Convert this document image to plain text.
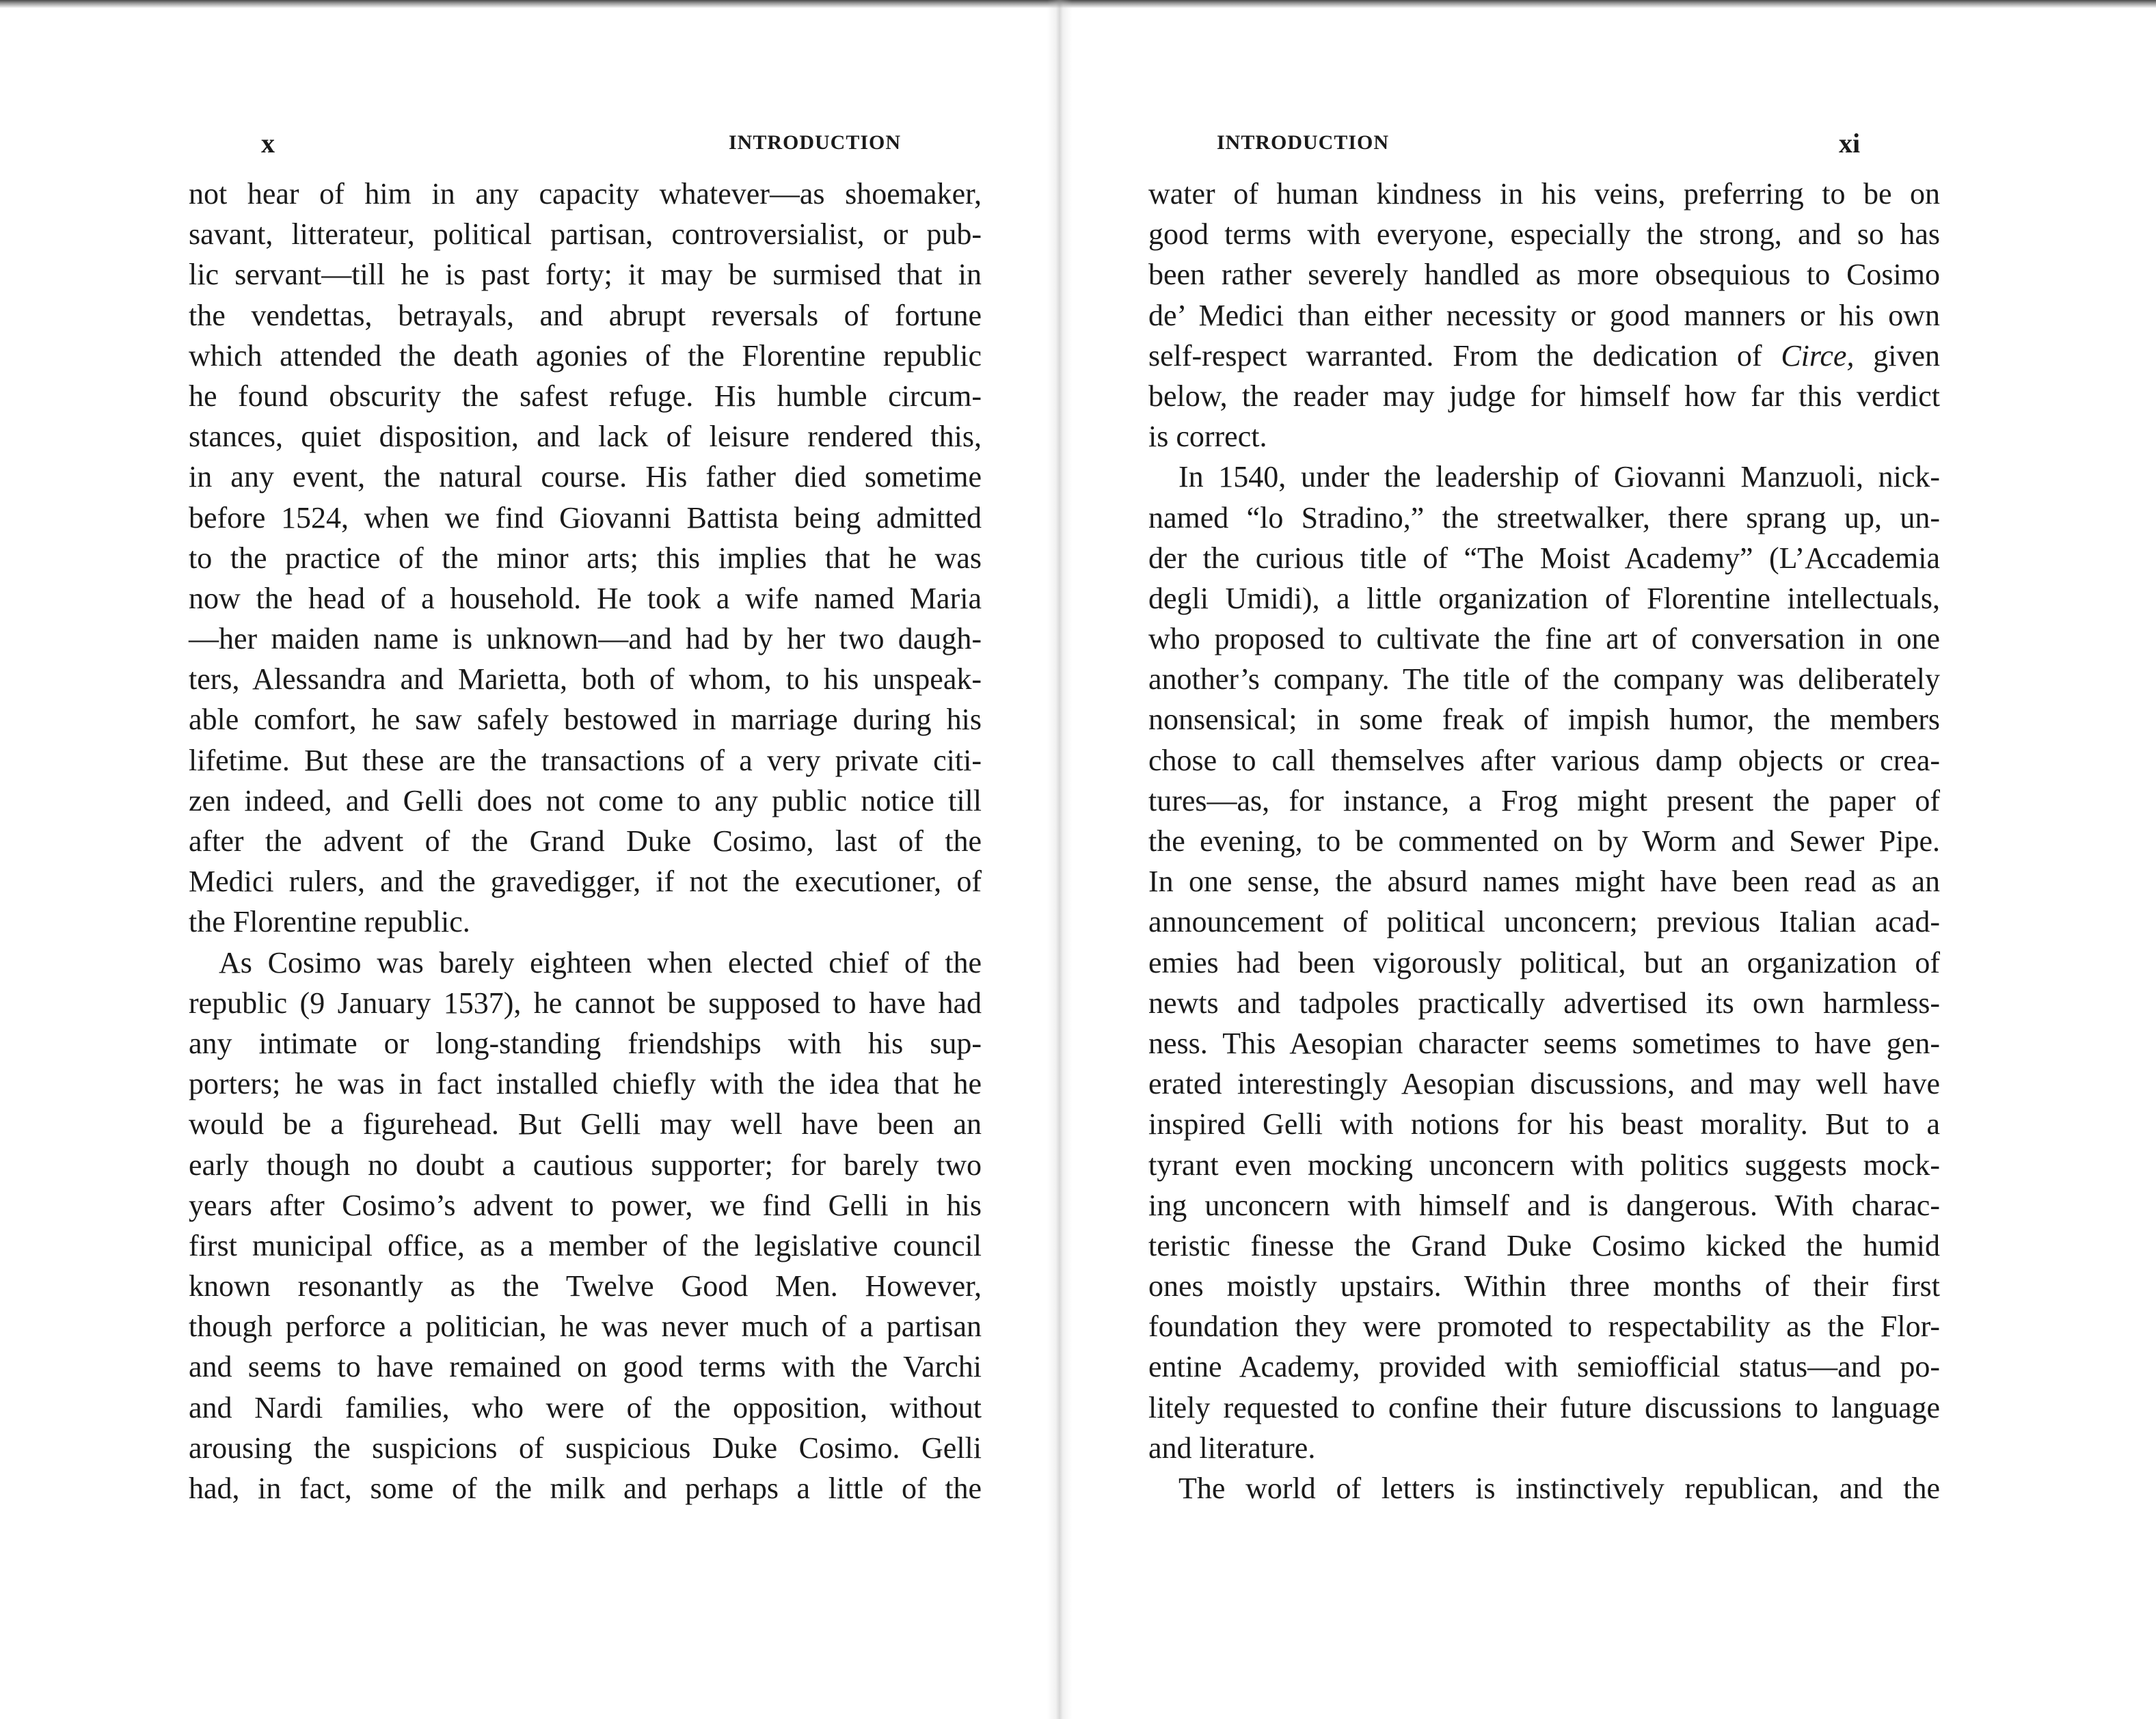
x	INTRODUCTION
not hear of him in any capacity whatever—as shoemaker,
savant, litterateur, political partisan, controversialist, or pub-
lic servant—till he is past forty; it may be surmised that in
the vendettas, betrayals, and abrupt reversals of fortune
which attended the death agonies of the Florentine republic
he found obscurity the safest refuge. His humble circum-
stances, quiet disposition, and lack of leisure rendered this,
in any event, the natural course. His father died sometime
before 1524, when we find Giovanni Battista being admitted
to the practice of the minor arts; this implies that he was
now the head of a household. He took a wife named Maria
—her maiden name is unknown—and had by her two daugh-
ters, Alessandra and Marietta, both of whom, to his unspeak-
able comfort, he saw safely bestowed in marriage during his
lifetime. But these are the transactions of a very private citi-
zen indeed, and Gelli does not come to any public notice till
after the advent of the Grand Duke Cosimo, last of the
Medici rulers, and the gravedigger, if not the executioner, of
the Florentine republic.
As Cosimo was barely eighteen when elected chief of the
republic (9 January 1537), he cannot be supposed to have had
any intimate or long-standing friendships with his sup-
porters; he was in fact installed chiefly with the idea that he
would be a figurehead. But Gelli may well have been an
early though no doubt a cautious supporter; for barely two
years after Cosimo’s advent to power, we find Gelli in his
first municipal office, as a member of the legislative council
known resonantly as the Twelve Good Men. However,
though perforce a politician, he was never much of a partisan
and seems to have remained on good terms with the Varchi
and Nardi families, who were of the opposition, without
arousing the suspicions of suspicious Duke Cosimo. Gelli
had, in fact, some of the milk and perhaps a little of the
INTRODUCTION	xi
water of human kindness in his veins, preferring to be on
good terms with everyone, especially the strong, and so has
been rather severely handled as more obsequious to Cosimo
de’ Medici than either necessity or good manners or his own
self-respect warranted. From the dedication of Circe, given
below, the reader may judge for himself how far this verdict
is correct.
In 1540, under the leadership of Giovanni Manzuoli, nick-
named “lo Stradino,” the streetwalker, there sprang up, un-
der the curious title of “The Moist Academy” (L’Accademia
degli Umidi), a little organization of Florentine intellectuals,
who proposed to cultivate the fine art of conversation in one
another’s company. The title of the company was deliberately
nonsensical; in some freak of impish humor, the members
chose to call themselves after various damp objects or crea-
tures—as, for instance, a Frog might present the paper of
the evening, to be commented on by Worm and Sewer Pipe.
In one sense, the absurd names might have been read as an
announcement of political unconcern; previous Italian acad-
emies had been vigorously political, but an organization of
newts and tadpoles practically advertised its own harmless-
ness. This Aesopian character seems sometimes to have gen-
erated interestingly Aesopian discussions, and may well have
inspired Gelli with notions for his beast morality. But to a
tyrant even mocking unconcern with politics suggests mock-
ing unconcern with himself and is dangerous. With charac-
teristic finesse the Grand Duke Cosimo kicked the humid
ones moistly upstairs. Within three months of their first
foundation they were promoted to respectability as the Flor-
entine Academy, provided with semiofficial status—and po-
litely requested to confine their future discussions to language
and literature.
The world of letters is instinctively republican, and the
